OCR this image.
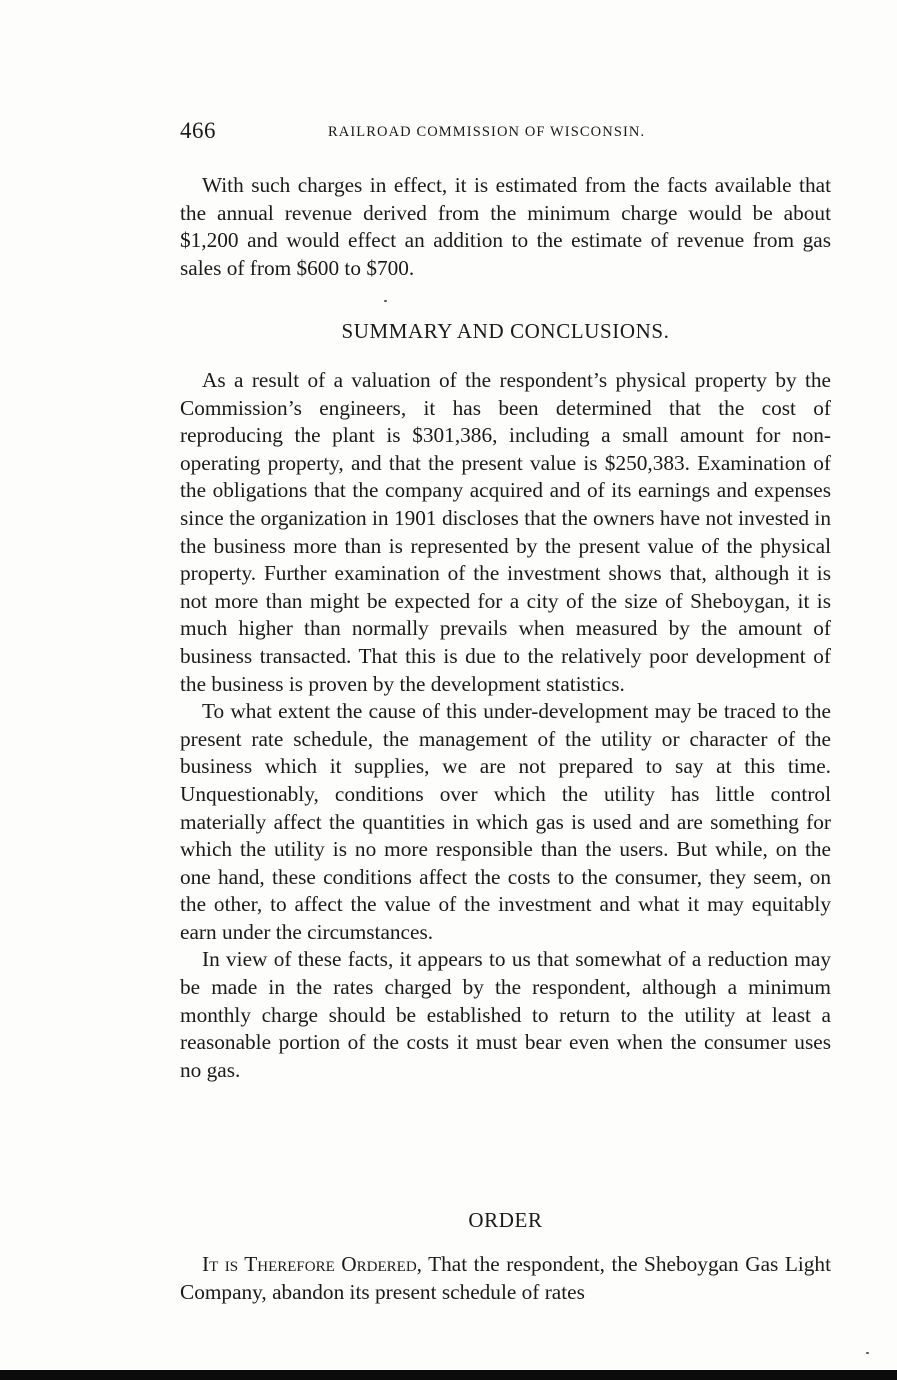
466	RAILROAD COMMISSION OF WISCONSIN.

With such charges in effect, it is estimated from the facts available that the annual revenue derived from the minimum charge would be about $1,200 and would effect an addition to the estimate of revenue from gas sales of from $600 to $700.

SUMMARY AND CONCLUSIONS.

As a result of a valuation of the respondent’s physical property by the Commission’s engineers, it has been determined that the cost of reproducing the plant is $301,386, including a small amount for non-operating property, and that the present value is $250,383. Examination of the obligations that the company acquired and of its earnings and expenses since the organization in 1901 discloses that the owners have not invested in the business more than is represented by the present value of the physical property. Further examination of the investment shows that, although it is not more than might be expected for a city of the size of Sheboygan, it is much higher than normally prevails when measured by the amount of business transacted. That this is due to the relatively poor development of the business is proven by the development statistics.

To what extent the cause of this under-development may be traced to the present rate schedule, the management of the utility or character of the business which it supplies, we are not prepared to say at this time. Unquestionably, conditions over which the utility has little control materially affect the quantities in which gas is used and are something for which the utility is no more responsible than the users. But while, on the one hand, these conditions affect the costs to the consumer, they seem, on the other, to affect the value of the investment and what it may equitably earn under the circumstances.

In view of these facts, it appears to us that somewhat of a reduction may be made in the rates charged by the respondent, although a minimum monthly charge should be established to return to the utility at least a reasonable portion of the costs it must bear even when the consumer uses no gas.

ORDER

It is Therefore Ordered, That the respondent, the Sheboygan Gas Light Company, abandon its present schedule of rates
